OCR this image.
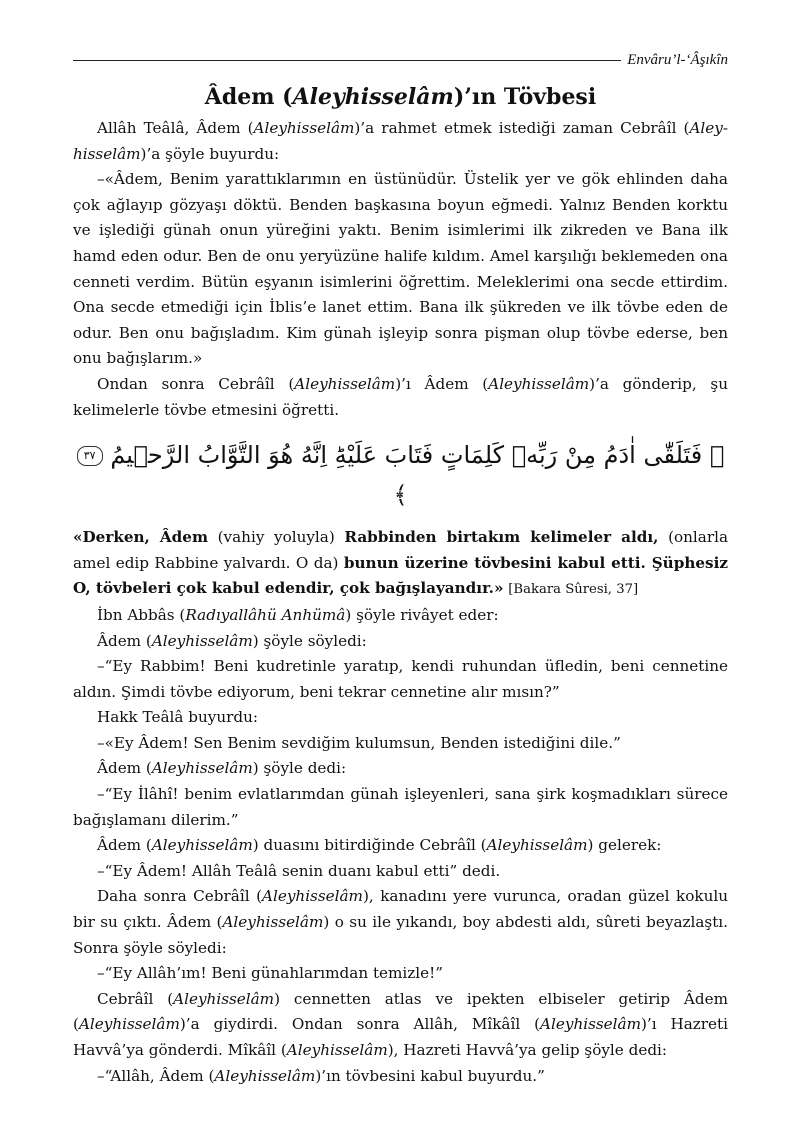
Envâru’l-‘Âşıkîn
Âdem (Aleyhisselâm)’ın Tövbesi

Allâh Teâlâ, Âdem (Aleyhisselâm)’a rahmet etmek istediği zaman Cebrâîl (Aley-hisselâm)’a şöyle buyurdu:

–«Âdem, Benim yarattıklarımın en üstünüdür. Üstelik yer ve gök ehlinden daha çok ağlayıp gözyaşı döktü. Benden başkasına boyun eğmedi. Yalnız Benden korktu ve işlediği günah onun yüreğini yaktı. Benim isimlerimi ilk zikreden ve Bana ilk hamd eden odur. Ben de onu yeryüzüne halife kıldım. Amel karşılığı beklemeden ona cenneti verdim. Bütün eşyanın isimlerini öğrettim. Meleklerimi ona secde ettirdim. Ona secde etmediği için İblis’e lanet ettim. Bana ilk şükreden ve ilk tövbe eden de odur. Ben onu bağışladım. Kim günah işleyip sonra pişman olup tövbe ederse, ben onu bağışlarım.»

Ondan sonra Cebrâîl (Aleyhisselâm)’ı Âdem (Aleyhisselâm)’a gönderip, şu kelimelerle tövbe etmesini öğretti.

﴿ فَتَلَقّٰى اٰدَمُ مِنْ رَبِّه۪ كَلِمَاتٍ فَتَابَ عَلَيْهِؕ اِنَّهُ هُوَ التَّوَّابُ الرَّح۪يمُ ٣٧ ﴾

«Derken, Âdem (vahiy yoluyla) Rabbinden birtakım kelimeler aldı, (onlarla amel edip Rabbine yalvardı. O da) bunun üzerine tövbesini kabul etti. Şüphesiz O, tövbeleri çok kabul edendir, çok bağışlayandır.» [Bakara Sûresi, 37]

İbn Abbâs (Radıyallâhü Anhümâ) şöyle rivâyet eder:

Âdem (Aleyhisselâm) şöyle söyledi:

–“Ey Rabbim! Beni kudretinle yaratıp, kendi ruhundan üfledin, beni cennetine aldın. Şimdi tövbe ediyorum, beni tekrar cennetine alır mısın?”

Hakk Teâlâ buyurdu:

–«Ey Âdem! Sen Benim sevdiğim kulumsun, Benden istediğini dile.”

Âdem (Aleyhisselâm) şöyle dedi:

–“Ey İlâhî! benim evlatlarımdan günah işleyenleri, sana şirk koşmadıkları sürece bağışlamanı dilerim.”

Âdem (Aleyhisselâm) duasını bitirdiğinde Cebrâîl (Aleyhisselâm) gelerek:

–“Ey Âdem! Allâh Teâlâ senin duanı kabul etti” dedi.

Daha sonra Cebrâîl (Aleyhisselâm), kanadını yere vurunca, oradan güzel kokulu bir su çıktı. Âdem (Aleyhisselâm) o su ile yıkandı, boy abdesti aldı, sûreti beyazlaştı. Sonra şöyle söyledi:

–“Ey Allâh’ım! Beni günahlarımdan temizle!”

Cebrâîl (Aleyhisselâm) cennetten atlas ve ipekten elbiseler getirip Âdem (Aleyhisselâm)’a giydirdi. Ondan sonra Allâh, Mîkâîl (Aleyhisselâm)’ı Hazreti Havvâ’ya gönderdi. Mîkâîl (Aleyhisselâm), Hazreti Havvâ’ya gelip şöyle dedi:

–“Allâh, Âdem (Aleyhisselâm)’ın tövbesini kabul buyurdu.”
